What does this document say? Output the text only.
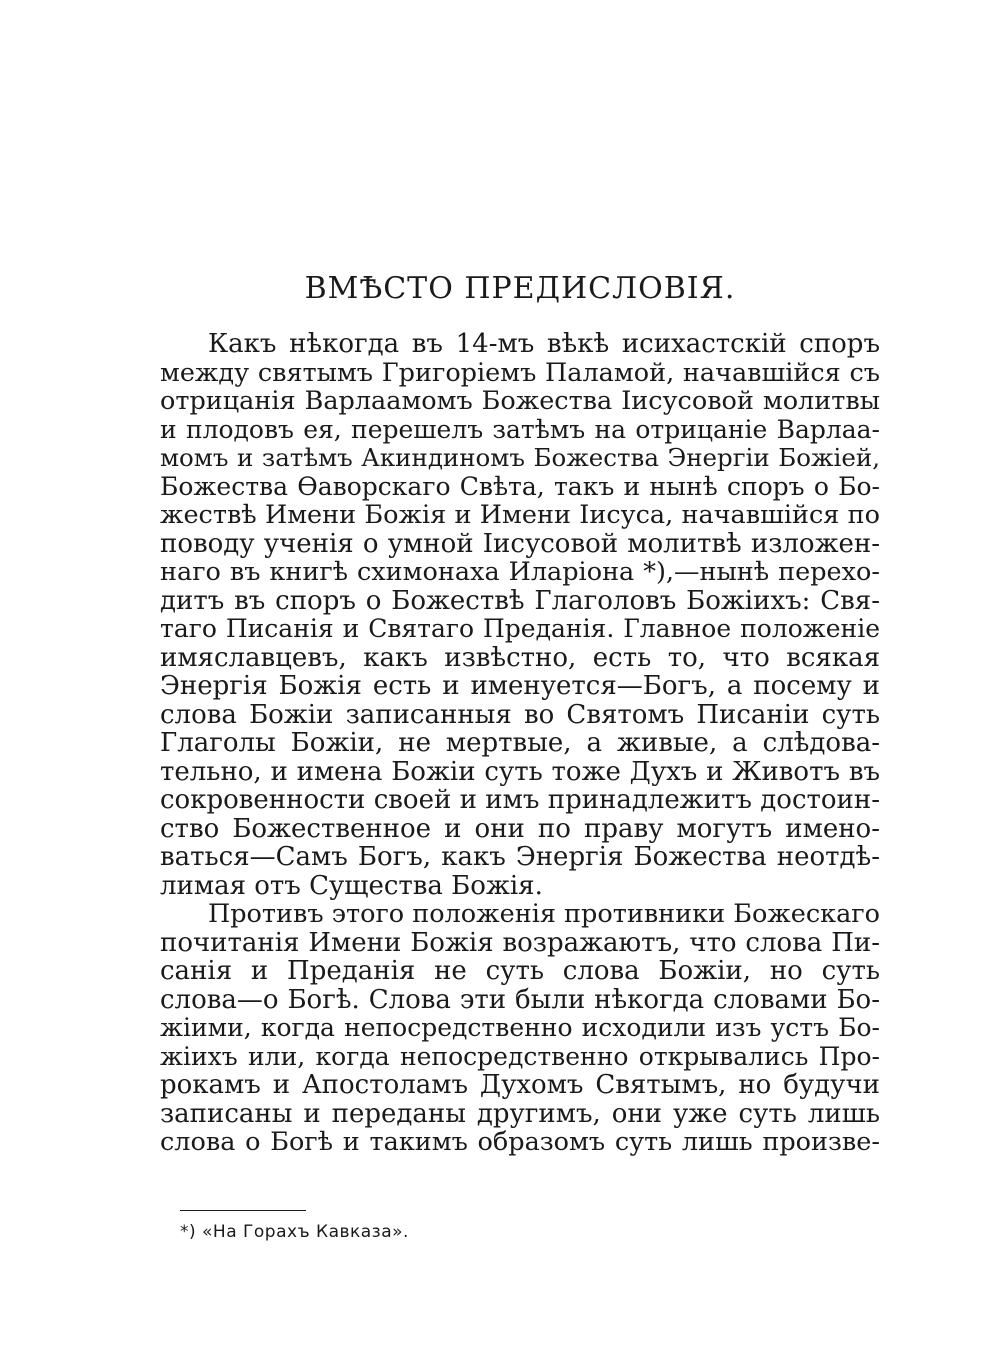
ВМѢСТО ПРЕДИСЛОВІЯ.
Какъ нѣкогда въ 14-мъ вѣкѣ исихастскій споръ
между святымъ Григоріемъ Паламой, начавшійся съ
отрицанія Варлаамомъ Божества Іисусовой молитвы
и плодовъ ея, перешелъ затѣмъ на отрицаніе Варлаа-
момъ и затѣмъ Акиндиномъ Божества Энергіи Божіей,
Божества Ѳаворскаго Свѣта, такъ и нынѣ споръ о Бо-
жествѣ Имени Божія и Имени Іисуса, начавшійся по
поводу ученія о умной Іисусовой молитвѣ изложен-
наго въ книгѣ схимонаха Иларіона *),—нынѣ перехо-
дитъ въ споръ о Божествѣ Глаголовъ Божіихъ: Свя-
таго Писанія и Святаго Преданія. Главное положеніе
имяславцевъ, какъ извѣстно, есть то, что всякая
Энергія Божія есть и именуется—Богъ, а посему и
слова Божіи записанныя во Святомъ Писаніи суть
Глаголы Божіи, не мертвые, а живые, а слѣдова-
тельно, и имена Божіи суть тоже Духъ и Животъ въ
сокровенности своей и имъ принадлежитъ достоин-
ство Божественное и они по праву могутъ имено-
ваться—Самъ Богъ, какъ Энергія Божества неотдѣ-
лимая отъ Существа Божія.
Противъ этого положенія противники Божескаго
почитанія Имени Божія возражаютъ, что слова Пи-
санія и Преданія не суть слова Божіи, но суть
слова—о Богѣ. Слова эти были нѣкогда словами Бо-
жіими, когда непосредственно исходили изъ устъ Бо-
жіихъ или, когда непосредственно открывались Про-
рокамъ и Апостоламъ Духомъ Святымъ, но будучи
записаны и переданы другимъ, они уже суть лишь
слова о Богѣ и такимъ образомъ суть лишь произве-
*) «На Горахъ Кавказа».
